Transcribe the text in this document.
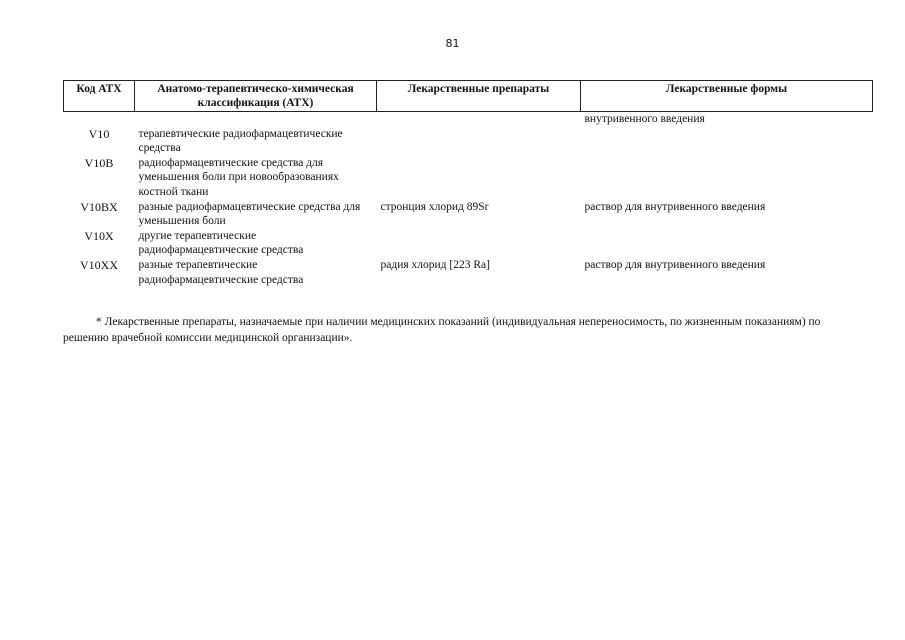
81
Код АТХ	Анатомо-терапевтическо-химическая классификация (АТХ)	Лекарственные препараты	Лекарственные формы
			внутривенного введения
V10	терапевтические радиофармацевтические средства		
V10B	радиофармацевтические средства для уменьшения боли при новообразованиях костной ткани		
V10BX	разные радиофармацевтические средства для уменьшения боли	стронция хлорид 89Sr	раствор для внутривенного введения
V10X	другие терапевтические радиофармацевтические средства		
V10XX	разные терапевтические радиофармацевтические средства	радия хлорид [223 Ra]	раствор для внутривенного введения
* Лекарственные препараты, назначаемые при наличии медицинских показаний (индивидуальная непереносимость, по жизненным показаниям) по решению врачебной комиссии медицинской организации».
